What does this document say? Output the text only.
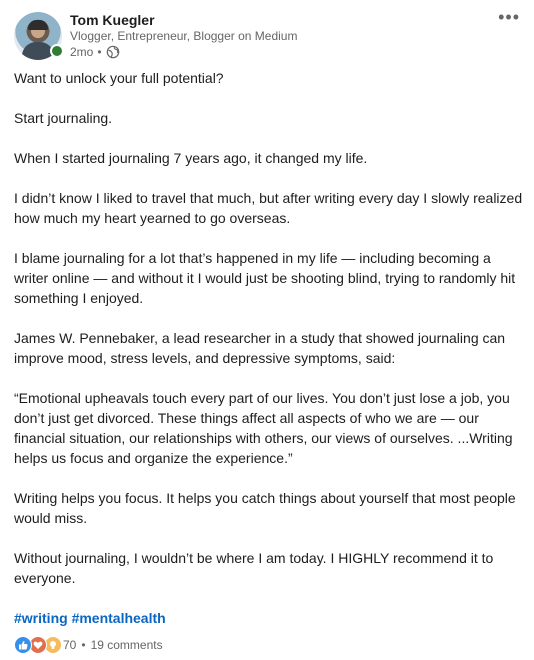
Tom Kuegler
Vlogger, Entrepreneur, Blogger on Medium
2mo •
•••

Want to unlock your full potential?

Start journaling.

When I started journaling 7 years ago, it changed my life.

I didn’t know I liked to travel that much, but after writing every day I slowly realized how much my heart yearned to go overseas.

I blame journaling for a lot that’s happened in my life — including becoming a writer online — and without it I would just be shooting blind, trying to randomly hit something I enjoyed.

James W. Pennebaker, a lead researcher in a study that showed journaling can improve mood, stress levels, and depressive symptoms, said:

“Emotional upheavals touch every part of our lives. You don’t just lose a job, you don’t just get divorced. These things affect all aspects of who we are — our financial situation, our relationships with others, our views of ourselves. ...Writing helps us focus and organize the experience.”

Writing helps you focus. It helps you catch things about yourself that most people would miss.

Without journaling, I wouldn’t be where I am today. I HIGHLY recommend it to everyone.

#writing #mentalhealth
70 • 19 comments
